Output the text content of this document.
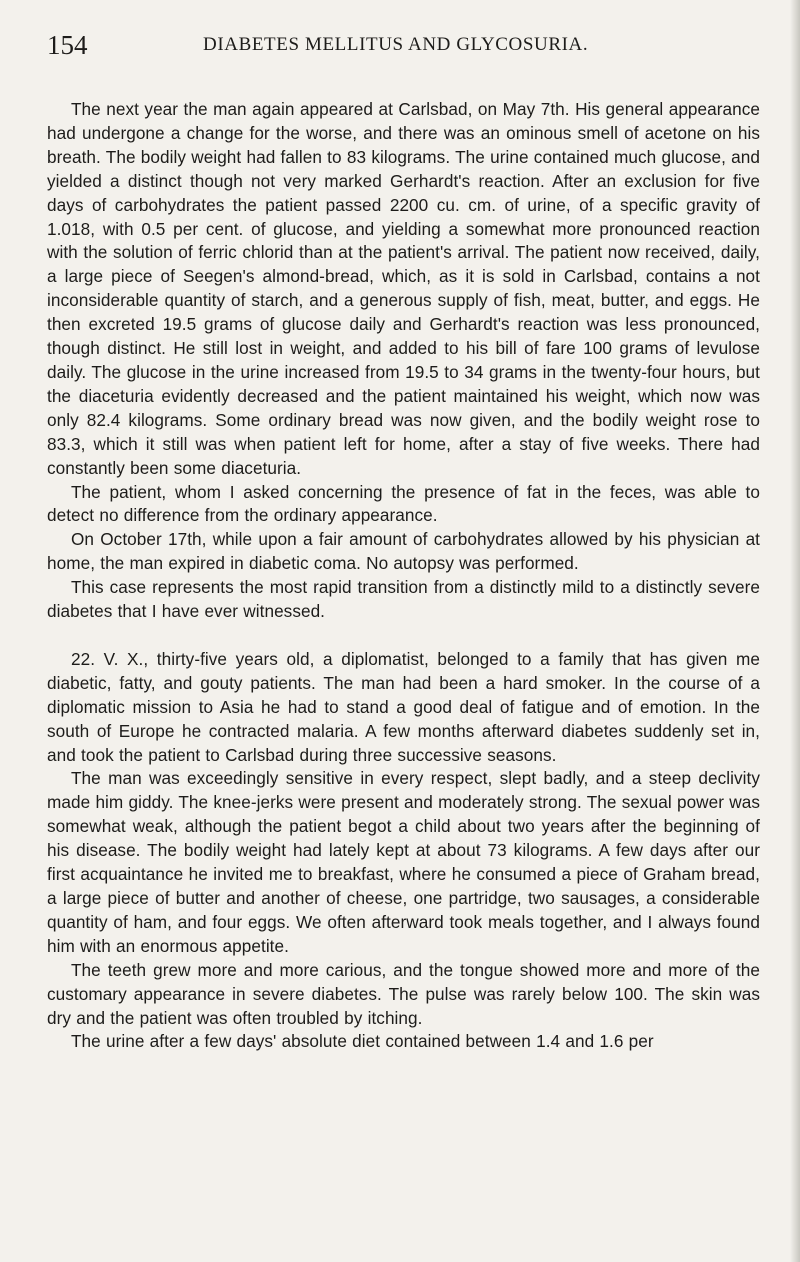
154	DIABETES MELLITUS AND GLYCOSURIA.

The next year the man again appeared at Carlsbad, on May 7th. His general appearance had undergone a change for the worse, and there was an ominous smell of acetone on his breath. The bodily weight had fallen to 83 kilograms. The urine contained much glucose, and yielded a distinct though not very marked Gerhardt's reaction. After an exclusion for five days of carbohydrates the patient passed 2200 cu. cm. of urine, of a specific gravity of 1.018, with 0.5 per cent. of glucose, and yielding a somewhat more pronounced reaction with the solution of ferric chlorid than at the patient's arrival. The patient now received, daily, a large piece of Seegen's almond-bread, which, as it is sold in Carlsbad, contains a not inconsiderable quantity of starch, and a generous supply of fish, meat, butter, and eggs. He then excreted 19.5 grams of glucose daily and Gerhardt's reaction was less pronounced, though distinct. He still lost in weight, and added to his bill of fare 100 grams of levulose daily. The glucose in the urine increased from 19.5 to 34 grams in the twenty-four hours, but the diaceturia evidently decreased and the patient maintained his weight, which now was only 82.4 kilograms. Some ordinary bread was now given, and the bodily weight rose to 83.3, which it still was when patient left for home, after a stay of five weeks. There had constantly been some diaceturia.

The patient, whom I asked concerning the presence of fat in the feces, was able to detect no difference from the ordinary appearance.

On October 17th, while upon a fair amount of carbohydrates allowed by his physician at home, the man expired in diabetic coma. No autopsy was performed.

This case represents the most rapid transition from a distinctly mild to a distinctly severe diabetes that I have ever witnessed.

22. V. X., thirty-five years old, a diplomatist, belonged to a family that has given me diabetic, fatty, and gouty patients. The man had been a hard smoker. In the course of a diplomatic mission to Asia he had to stand a good deal of fatigue and of emotion. In the south of Europe he contracted malaria. A few months afterward diabetes suddenly set in, and took the patient to Carlsbad during three successive seasons.

The man was exceedingly sensitive in every respect, slept badly, and a steep declivity made him giddy. The knee-jerks were present and moderately strong. The sexual power was somewhat weak, although the patient begot a child about two years after the beginning of his disease. The bodily weight had lately kept at about 73 kilograms. A few days after our first acquaintance he invited me to breakfast, where he consumed a piece of Graham bread, a large piece of butter and another of cheese, one partridge, two sausages, a considerable quantity of ham, and four eggs. We often afterward took meals together, and I always found him with an enormous appetite.

The teeth grew more and more carious, and the tongue showed more and more of the customary appearance in severe diabetes. The pulse was rarely below 100. The skin was dry and the patient was often troubled by itching.

The urine after a few days' absolute diet contained between 1.4 and 1.6 per
